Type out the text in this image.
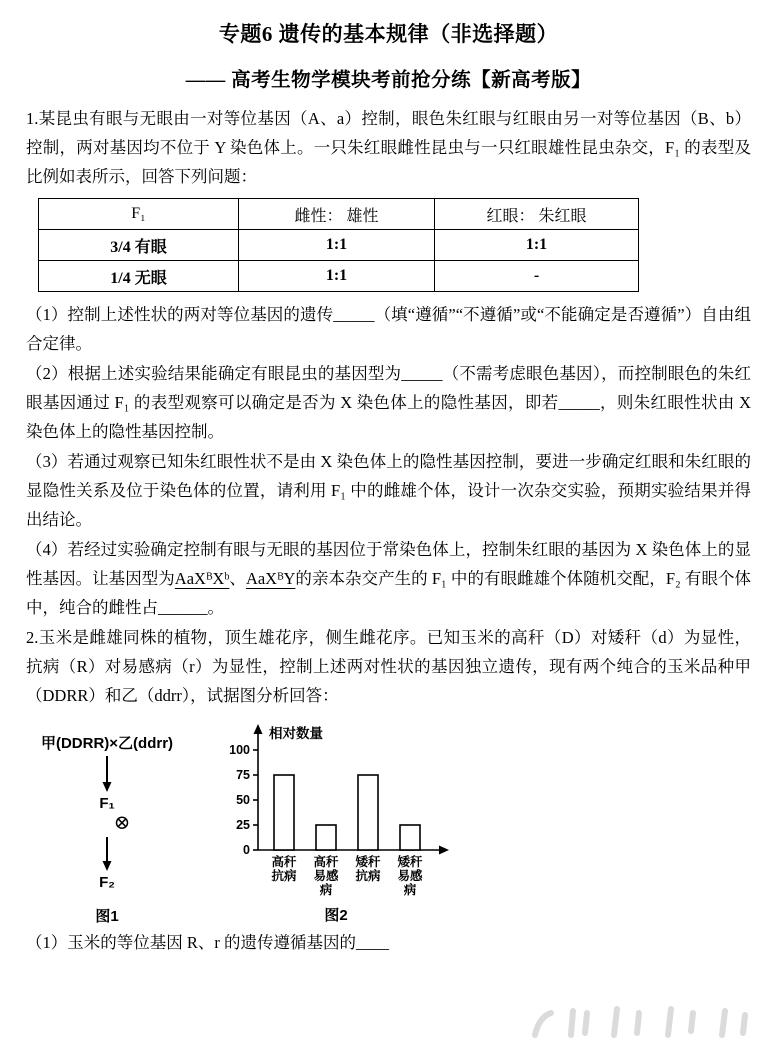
专题6 遗传的基本规律（非选择题）
—— 高考生物学模块考前抢分练【新高考版】

1.某昆虫有眼与无眼由一对等位基因（A、a）控制，眼色朱红眼与红眼由另一对等位基因（B、b）控制，两对基因均不位于 Y 染色体上。一只朱红眼雌性昆虫与一只红眼雄性昆虫杂交，F₁ 的表型及比例如表所示，回答下列问题：

F₁	雌性： 雄性	红眼： 朱红眼
3/4 有眼	1:1	1:1
1/4 无眼	1:1	-

（1）控制上述性状的两对等位基因的遗传_____（填“遵循”“不遵循”或“不能确定是否遵循”）自由组合定律。

（2）根据上述实验结果能确定有眼昆虫的基因型为_____（不需考虑眼色基因），而控制眼色的朱红眼基因通过 F₁ 的表型观察可以确定是否为 X 染色体上的隐性基因，即若_____，则朱红眼性状由 X 染色体上的隐性基因控制。

（3）若通过观察已知朱红眼性状不是由 X 染色体上的隐性基因控制，要进一步确定红眼和朱红眼的显隐性关系及位于染色体的位置，请利用 F₁ 中的雌雄个体，设计一次杂交实验，预期实验结果并得出结论。

（4）若经过实验确定控制有眼与无眼的基因位于常染色体上，控制朱红眼的基因为 X 染色体上的显性基因。让基因型为AaXᴮXᵇ、AaXᴮY的亲本杂交产生的 F₁ 中的有眼雌雄个体随机交配，F₂ 有眼个体中，纯合的雌性占______。

2.玉米是雌雄同株的植物，顶生雄花序，侧生雌花序。已知玉米的高秆（D）对矮秆（d）为显性，抗病（R）对易感病（r）为显性，控制上述两对性状的基因独立遗传，现有两个纯合的玉米品种甲（DDRR）和乙（ddrr），试据图分析回答：

甲(DDRR)×乙(ddrr)
F₁
⊗
F₂
图1
0
25
50
75
100
相对数量
高秆
抗病
高秆
易感
病
矮秆
抗病
矮秆
易感
病
图2

（1）玉米的等位基因 R、r 的遗传遵循基因的____
